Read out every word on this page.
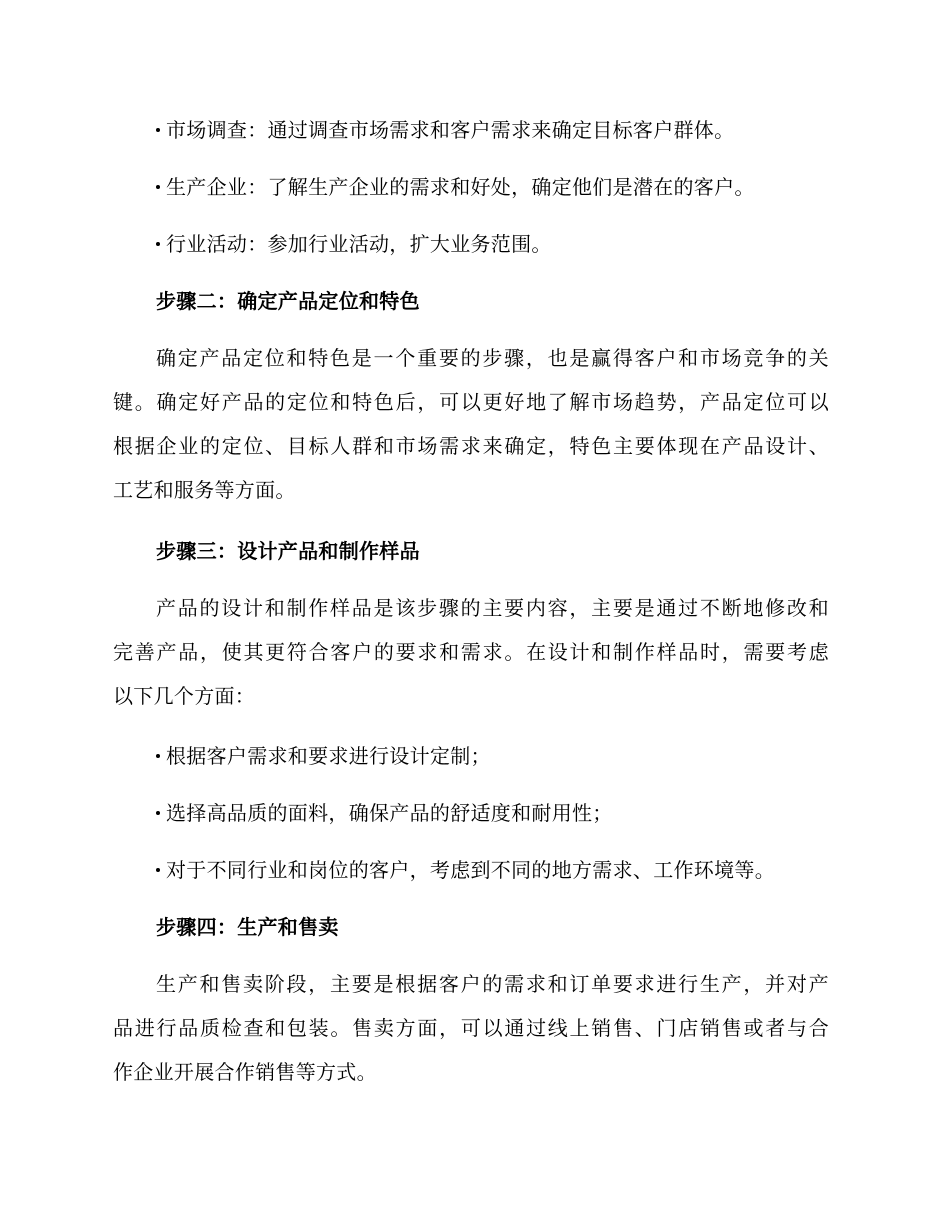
市场调查：通过调查市场需求和客户需求来确定目标客户群体。
生产企业：了解生产企业的需求和好处，确定他们是潜在的客户。
行业活动：参加行业活动，扩大业务范围。
步骤二：确定产品定位和特色
确定产品定位和特色是一个重要的步骤，也是赢得客户和市场竞争的关
键。确定好产品的定位和特色后，可以更好地了解市场趋势，产品定位可以
根据企业的定位、目标人群和市场需求来确定，特色主要体现在产品设计、
工艺和服务等方面。
步骤三：设计产品和制作样品
产品的设计和制作样品是该步骤的主要内容，主要是通过不断地修改和
完善产品，使其更符合客户的要求和需求。在设计和制作样品时，需要考虑
以下几个方面：
根据客户需求和要求进行设计定制；
选择高品质的面料，确保产品的舒适度和耐用性；
对于不同行业和岗位的客户，考虑到不同的地方需求、工作环境等。
步骤四：生产和售卖
生产和售卖阶段，主要是根据客户的需求和订单要求进行生产，并对产
品进行品质检查和包装。售卖方面，可以通过线上销售、门店销售或者与合
作企业开展合作销售等方式。
